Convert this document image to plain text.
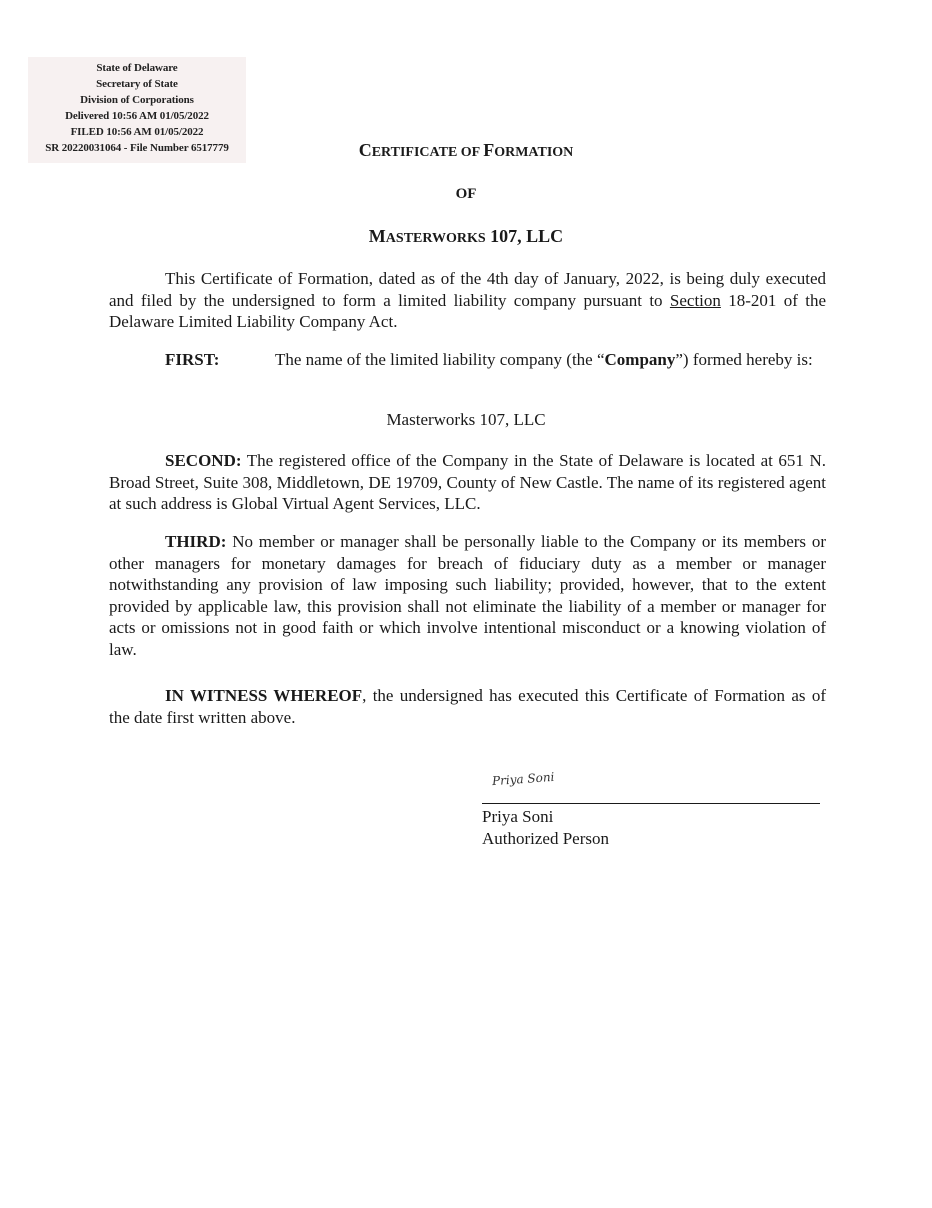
State of Delaware
Secretary of State
Division of Corporations
Delivered 10:56 AM 01/05/2022
FILED 10:56 AM 01/05/2022
SR 20220031064 - File Number 6517779	CERTIFICATE OF FORMATION
OF
MASTERWORKS 107, LLC
This Certificate of Formation, dated as of the 4th day of January, 2022, is being duly executed and filed by the undersigned to form a limited liability company pursuant to Section 18-201 of the Delaware Limited Liability Company Act.
FIRST:	The name of the limited liability company (the “Company”) formed hereby is:
Masterworks 107, LLC
SECOND: The registered office of the Company in the State of Delaware is located at 651 N. Broad Street, Suite 308, Middletown, DE 19709, County of New Castle. The name of its registered agent at such address is Global Virtual Agent Services, LLC.
THIRD: No member or manager shall be personally liable to the Company or its members or other managers for monetary damages for breach of fiduciary duty as a member or manager notwithstanding any provision of law imposing such liability; provided, however, that to the extent provided by applicable law, this provision shall not eliminate the liability of a member or manager for acts or omissions not in good faith or which involve intentional misconduct or a knowing violation of law.
IN WITNESS WHEREOF, the undersigned has executed this Certificate of Formation as of the date first written above.
Priya Soni
Priya Soni
Authorized Person
